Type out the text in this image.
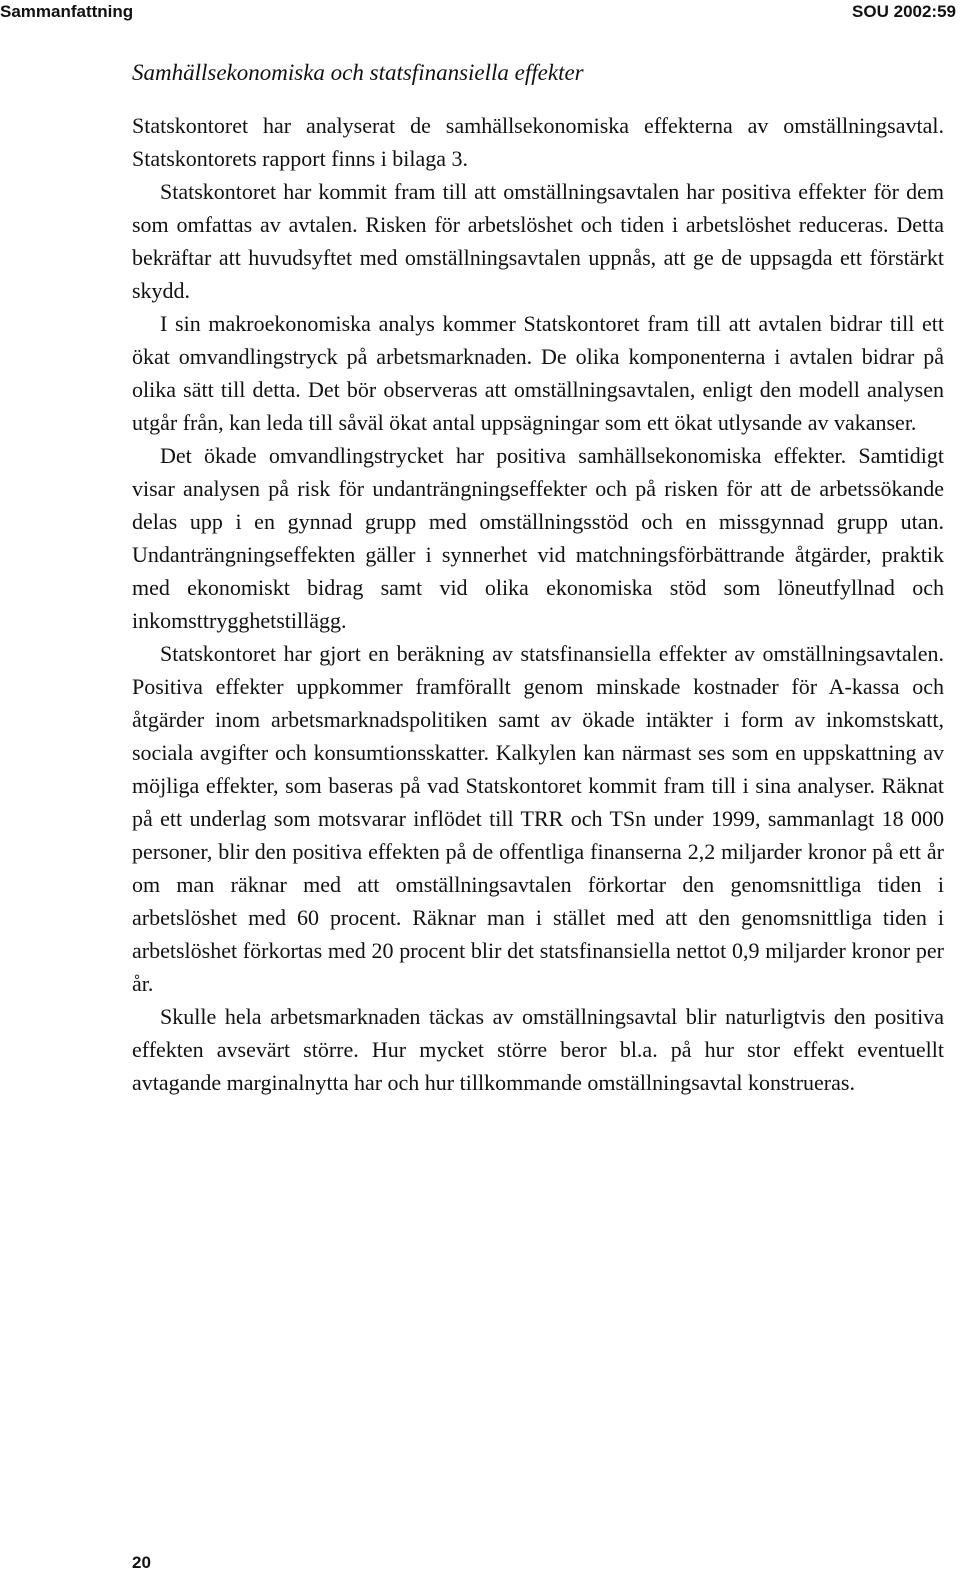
Sammanfattning	SOU 2002:59
Samhällsekonomiska och statsfinansiella effekter

Statskontoret har analyserat de samhällsekonomiska effekterna av omställningsavtal. Statskontorets rapport finns i bilaga 3.

Statskontoret har kommit fram till att omställningsavtalen har positiva effekter för dem som omfattas av avtalen. Risken för arbetslöshet och tiden i arbetslöshet reduceras. Detta bekräftar att huvudsyftet med omställningsavtalen uppnås, att ge de uppsagda ett förstärkt skydd.

I sin makroekonomiska analys kommer Statskontoret fram till att avtalen bidrar till ett ökat omvandlingstryck på arbetsmarknaden. De olika komponenterna i avtalen bidrar på olika sätt till detta. Det bör observeras att omställningsavtalen, enligt den modell analysen utgår från, kan leda till såväl ökat antal uppsägningar som ett ökat utlysande av vakanser.

Det ökade omvandlingstrycket har positiva samhällsekonomiska effekter. Samtidigt visar analysen på risk för undanträngningseffekter och på risken för att de arbetssökande delas upp i en gynnad grupp med omställningsstöd och en missgynnad grupp utan. Undanträngningseffekten gäller i synnerhet vid matchningsförbättrande åtgärder, praktik med ekonomiskt bidrag samt vid olika ekonomiska stöd som löneutfyllnad och inkomsttrygghetstillägg.

Statskontoret har gjort en beräkning av statsfinansiella effekter av omställningsavtalen. Positiva effekter uppkommer framförallt genom minskade kostnader för A-kassa och åtgärder inom arbetsmarknadspolitiken samt av ökade intäkter i form av inkomstskatt, sociala avgifter och konsumtionsskatter. Kalkylen kan närmast ses som en uppskattning av möjliga effekter, som baseras på vad Statskontoret kommit fram till i sina analyser. Räknat på ett underlag som motsvarar inflödet till TRR och TSn under 1999, sammanlagt 18 000 personer, blir den positiva effekten på de offentliga finanserna 2,2 miljarder kronor på ett år om man räknar med att omställningsavtalen förkortar den genomsnittliga tiden i arbetslöshet med 60 procent. Räknar man i stället med att den genomsnittliga tiden i arbetslöshet förkortas med 20 procent blir det statsfinansiella nettot 0,9 miljarder kronor per år.

Skulle hela arbetsmarknaden täckas av omställningsavtal blir naturligtvis den positiva effekten avsevärt större. Hur mycket större beror bl.a. på hur stor effekt eventuellt avtagande marginalnytta har och hur tillkommande omställningsavtal konstrueras.

20
